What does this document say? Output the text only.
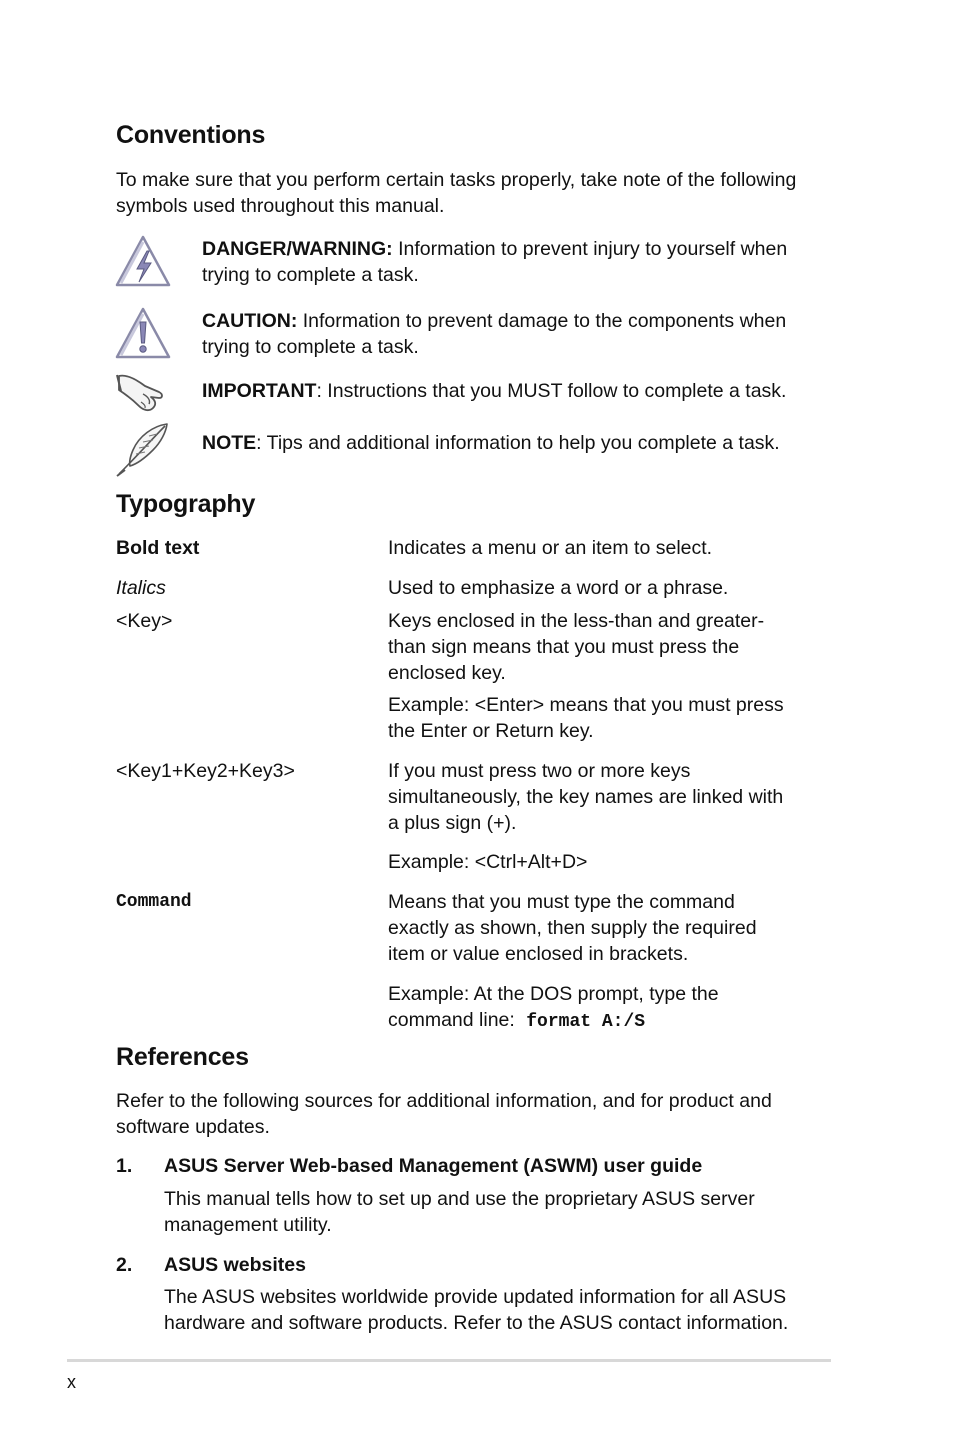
Conventions

To make sure that you perform certain tasks properly, take note of the following symbols used throughout this manual.

DANGER/WARNING: Information to prevent injury to yourself when trying to complete a task.
CAUTION: Information to prevent damage to the components when trying to complete a task.
IMPORTANT: Instructions that you MUST follow to complete a task.
NOTE: Tips and additional information to help you complete a task.
Typography
Bold text	Indicates a menu or an item to select.
Italics	Used to emphasize a word or a phrase.
<Key>	Keys enclosed in the less-than and greater-than sign means that you must press the enclosed key.
Example: <Enter> means that you must press the Enter or Return key.
<Key1+Key2+Key3>	If you must press two or more keys simultaneously, the key names are linked with a plus sign (+).
Example: <Ctrl+Alt+D>
Command	Means that you must type the command exactly as shown, then supply the required item or value enclosed in brackets.
Example: At the DOS prompt, type the command line: format A:/S
References

Refer to the following sources for additional information, and for product and software updates.

1. ASUS Server Web-based Management (ASWM) user guide
This manual tells how to set up and use the proprietary ASUS server management utility.
2. ASUS websites
The ASUS websites worldwide provide updated information for all ASUS hardware and software products. Refer to the ASUS contact information.
x
